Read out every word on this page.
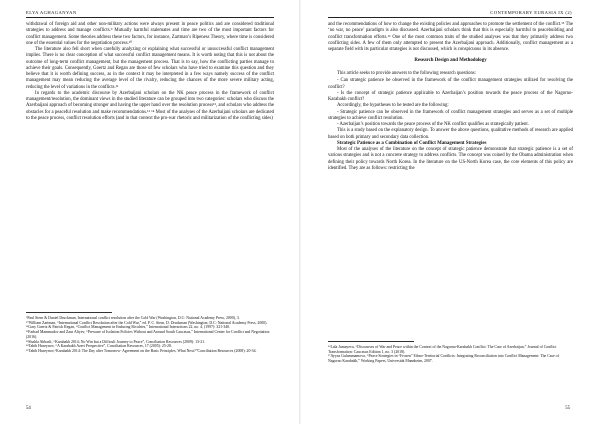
ELYA AGHAGANYAN

withdrawal of foreign aid and other non-military actions were always present in peace politics and are considered traditional strategies to address and manage conflicts.⁹ Mutually harmful stalemates and time are two of the most important factors for conflict management. Some theories address these two factors, for instance, Zartman’s Ripeness Theory, where time is considered one of the essential values for the negotiation process.¹⁰

The literature also fell short when carefully analyzing or explaining what successful or unsuccessful conflict management implies. There is no clear conception of what successful conflict management means. It is worth noting that this is not about the outcome of long-term conflict management, but the management process. That is to say, how the conflicting parties manage to achieve their goals. Consequently, Goertz and Regan are those of few scholars who have tried to examine this question and they believe that it is worth defining success, as in the context it may be interpreted in a few ways namely success of the conflict management may mean reducing the average level of the rivalry, reducing the chances of the more severe military acting, reducing the level of variations in the conflicts.¹¹

In regards to the academic discourse by Azerbaijani scholars on the NK peace process in the framework of conflict management/resolution, the dominant views in the studied literature can be grouped into two categories: scholars who discuss the Azerbaijani approach of becoming stronger and having the upper hand over the resolution process¹², and scholars who address the obstacles for a peaceful resolution and make recommendations.¹³ ¹⁴ Most of the analyses of the Azerbaijani scholars are dedicated to the peace process, conflict resolution efforts (and in that context the pro-war rhetoric and militarization of the conflicting sides)

⁹Paul Stern & Daniel Druckman, International conflict resolution after the Cold War (Washington, D.C: National Academy Press, 2000), 3.

¹⁰William Zartman, “International Conflict Resolution after the Cold War,” ed. P. C. Stern, D. Druckman (Washington, D.C: National Academy Press, 2000).

¹¹Gary Goertz & Patrick Regan, “Conflict Management in Enduring Rivalries,” International Interactions 22, no. 4, (1997): 321-340.

¹²Farhad Mammadov and Zaur Aliyev, “Pressure of Isolation Policies Without and Around South Caucasus,” International Center for Conflict and Negotiation (2016).

¹³Shahla Abbasli, “Karabakh 2014; No Win but a Difficult Journey to Peace”, Conciliation Resources (2009): 13-21.

¹⁴Tabib Huseynov, “A Karabakh Azeri Perspective”, Conciliation Resources, 17 (2005): 25-28.

¹⁵Tabib Huseynov,“Karabakh 2014: The Day after Tomorrow- Agreement on the Basic Principles, What Next?”Conciliation Resources (2008): 20-34.

54
CONTEMPORARY EURASIA IX (2)

and the recommendations of how to change the existing policies and approaches to promote the settlement of the conflict.¹⁵ The ‘no war, no peace’ paradigm is also discussed. Azerbaijani scholars think that this is especially harmful to peacebuilding and conflict transformation efforts.¹⁶ One of the most common traits of the studied analyses was that they primarily address two conflicting sides. A few of them only attempted to present the Azerbaijani approach. Additionally, conflict management as a separate field with its particular strategies is not discussed, which is conspicuous in its absence.

Research Design and Methodology

This article seeks to provide answers to the following research questions:

- Can strategic patience be observed in the framework of the conflict management strategies utilized for resolving the conflict?

- Is the concept of strategic patience applicable to Azerbaijan’s position towards the peace process of the Nagorno-Karabakh conflict?

Accordingly, the hypotheses to be tested are the following:

- Strategic patience can be observed in the framework of conflict management strategies and serves as a set of multiple strategies to achieve conflict resolution.

- Azerbaijan’s position towards the peace process of the NK conflict qualifies as strategically patient.

This is a study based on the explanatory design. To answer the above questions, qualitative methods of research are applied based on both primary and secondary data collection.

Strategic Patience as a Combination of Conflict Management Strategies

Most of the analyses of the literature on the concept of strategic patience demonstrate that strategic patience is a set of various strategies and is not a concrete strategy to address conflicts. The concept was coined by the Obama administration when defining their policy towards North Korea. In the literature on the US-North Korea case, the core elements of this policy are identified. They are as follows: restricting the

¹⁶Lala Jumayeva, “Discourses of War and Peace within the Context of the Nagorno-Karabakh Conflict: The Case of Azerbaijan,” Journal of Conflict Transformation: Caucasus Edition 1, no. 3 (2018).

¹⁷Ayyaz Gulammamova, “Peace Strategies in “Frozen” Ethno-Territorial Conflicts: Integrating Reconciliation into Conflict Management: The Case of Nagorno Karabakh,” Working Papers, Universität Mannheim, 2007.

55
